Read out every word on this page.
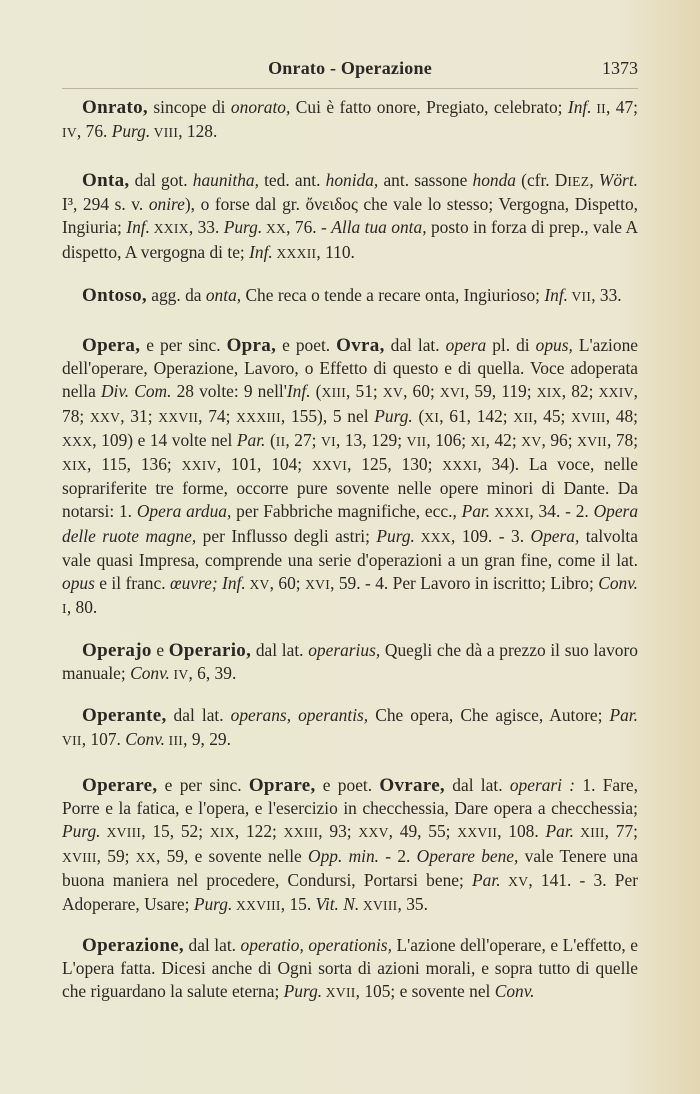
Onrato - Operazione	1373

Onrato, sincope di onorato, Cui è fatto onore, Pregiato, celebrato; Inf. II, 47; IV, 76. Purg. VIII, 128.

Onta, dal got. haunitha, ted. ant. honida, ant. sassone honda (cfr. DIEZ, Wört. I³, 294 s. v. onire), o forse dal gr. ὄνειδος che vale lo stesso; Vergogna, Dispetto, Ingiuria; Inf. XXIX, 33. Purg. XX, 76. - Alla tua onta, posto in forza di prep., vale A dispetto, A vergogna di te; Inf. XXXII, 110.

Ontoso, agg. da onta, Che reca o tende a recare onta, Ingiurioso; Inf. VII, 33.

Opera, e per sinc. Opra, e poet. Ovra, dal lat. opera pl. di opus, L'azione dell'operare, Operazione, Lavoro, o Effetto di questo e di quella. Voce adoperata nella Div. Com. 28 volte: 9 nell'Inf. (XIII, 51; XV, 60; XVI, 59, 119; XIX, 82; XXIV, 78; XXV, 31; XXVII, 74; XXXIII, 155), 5 nel Purg. (XI, 61, 142; XII, 45; XVIII, 48; XXX, 109) e 14 volte nel Par. (II, 27; VI, 13, 129; VII, 106; XI, 42; XV, 96; XVII, 78; XIX, 115, 136; XXIV, 101, 104; XXVI, 125, 130; XXXI, 34). La voce, nelle soprariferite tre forme, occorre pure sovente nelle opere minori di Dante. Da notarsi: 1. Opera ardua, per Fabbriche magnifiche, ecc., Par. XXXI, 34. - 2. Opera delle ruote magne, per Influsso degli astri; Purg. XXX, 109. - 3. Opera, talvolta vale quasi Impresa, comprende una serie d'operazioni a un gran fine, come il lat. opus e il franc. œuvre; Inf. XV, 60; XVI, 59. - 4. Per Lavoro in iscritto; Libro; Conv. I, 80.

Operajo e Operario, dal lat. operarius, Quegli che dà a prezzo il suo lavoro manuale; Conv. IV, 6, 39.

Operante, dal lat. operans, operantis, Che opera, Che agisce, Autore; Par. VII, 107. Conv. III, 9, 29.

Operare, e per sinc. Oprare, e poet. Ovrare, dal lat. operari : 1. Fare, Porre e la fatica, e l'opera, e l'esercizio in checchessia, Dare opera a checchessia; Purg. XVIII, 15, 52; XIX, 122; XXIII, 93; XXV, 49, 55; XXVII, 108. Par. XIII, 77; XVIII, 59; XX, 59, e sovente nelle Opp. min. - 2. Operare bene, vale Tenere una buona maniera nel procedere, Condursi, Portarsi bene; Par. XV, 141. - 3. Per Adoperare, Usare; Purg. XXVIII, 15. Vit. N. XVIII, 35.

Operazione, dal lat. operatio, operationis, L'azione dell'operare, e L'effetto, e L'opera fatta. Dicesi anche di Ogni sorta di azioni morali, e sopra tutto di quelle che riguardano la salute eterna; Purg. XVII, 105; e sovente nel Conv.
